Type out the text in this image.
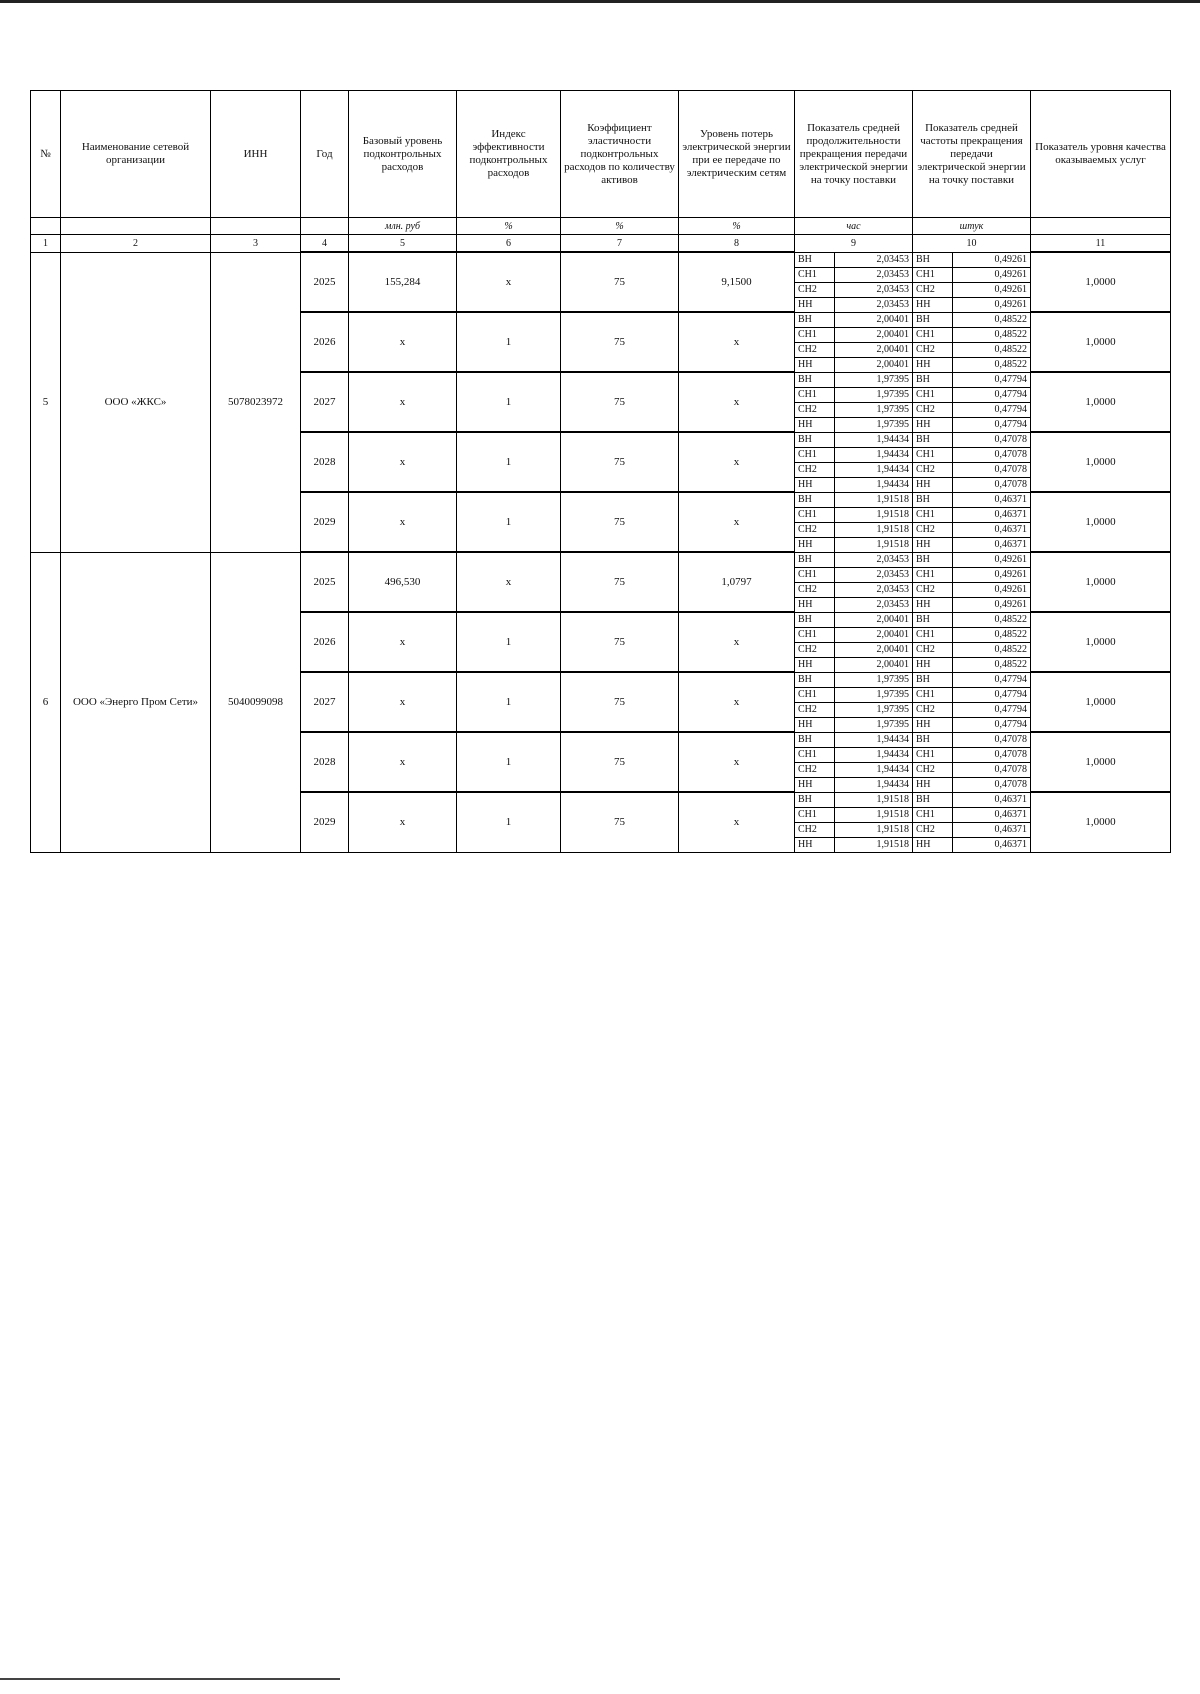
№	Наименование сетевой организации	ИНН	Год	Базовый уровень подконтрольных расходов	Индекс эффективности подконтрольных расходов	Коэффициент эластичности подконтрольных расходов по количеству активов	Уровень потерь электрической энергии при ее передаче по электрическим сетям	Показатель средней продолжительности прекращения передачи электрической энергии на точку поставки		Показатель средней частоты прекращения передачи электрической энергии на точку поставки		Показатель уровня качества оказываемых услуг
				млн. руб	%	%	%	час		штук		
1	2	3	4	5	6	7	8	9		10		11
5	ООО «ЖКС»	5078023972	2025	155,284	x	75	9,1500	ВН	2,03453	ВН	0,49261	1,0000
								СН1	2,03453	СН1	0,49261	
								СН2	2,03453	СН2	0,49261	
								НН	2,03453	НН	0,49261	
			2026	x	1	75	x	ВН	2,00401	ВН	0,48522	1,0000
								СН1	2,00401	СН1	0,48522	
								СН2	2,00401	СН2	0,48522	
								НН	2,00401	НН	0,48522	
			2027	x	1	75	x	ВН	1,97395	ВН	0,47794	1,0000
								СН1	1,97395	СН1	0,47794	
								СН2	1,97395	СН2	0,47794	
								НН	1,97395	НН	0,47794	
			2028	x	1	75	x	ВН	1,94434	ВН	0,47078	1,0000
								СН1	1,94434	СН1	0,47078	
								СН2	1,94434	СН2	0,47078	
								НН	1,94434	НН	0,47078	
			2029	x	1	75	x	ВН	1,91518	ВН	0,46371	1,0000
								СН1	1,91518	СН1	0,46371	
								СН2	1,91518	СН2	0,46371	
								НН	1,91518	НН	0,46371	
6	ООО «Энерго Пром Сети»	5040099098	2025	496,530	x	75	1,0797	ВН	2,03453	ВН	0,49261	1,0000
								СН1	2,03453	СН1	0,49261	
								СН2	2,03453	СН2	0,49261	
								НН	2,03453	НН	0,49261	
			2026	x	1	75	x	ВН	2,00401	ВН	0,48522	1,0000
								СН1	2,00401	СН1	0,48522	
								СН2	2,00401	СН2	0,48522	
								НН	2,00401	НН	0,48522	
			2027	x	1	75	x	ВН	1,97395	ВН	0,47794	1,0000
								СН1	1,97395	СН1	0,47794	
								СН2	1,97395	СН2	0,47794	
								НН	1,97395	НН	0,47794	
			2028	x	1	75	x	ВН	1,94434	ВН	0,47078	1,0000
								СН1	1,94434	СН1	0,47078	
								СН2	1,94434	СН2	0,47078	
								НН	1,94434	НН	0,47078	
			2029	x	1	75	x	ВН	1,91518	ВН	0,46371	1,0000
								СН1	1,91518	СН1	0,46371	
								СН2	1,91518	СН2	0,46371	
								НН	1,91518	НН	0,46371	
